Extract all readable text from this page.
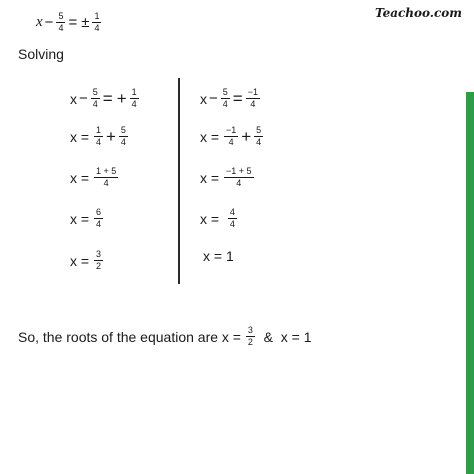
Teachoo.com
$x - \frac{5}{4}$ = ± $\frac{1}{4}$
Solving
$x - \frac{5}{4}$ = + $\frac{1}{4}$
x =
$\frac{1}{4} + \frac{5}{4}$
x =
$\frac{1 + 5}{4}$
x =
$\frac{6}{4}$
x =
$\frac{3}{2}$
$x - \frac{5}{4} = \frac{-1}{4}$
x =
$\frac{-1}{4} + \frac{5}{4}$
x =
$\frac{-1 + 5}{4}$
x =
$\frac{4}{4}$
x = 1
So, the roots of the equation are x =
$\frac{3}{2}$
&
x = 1
